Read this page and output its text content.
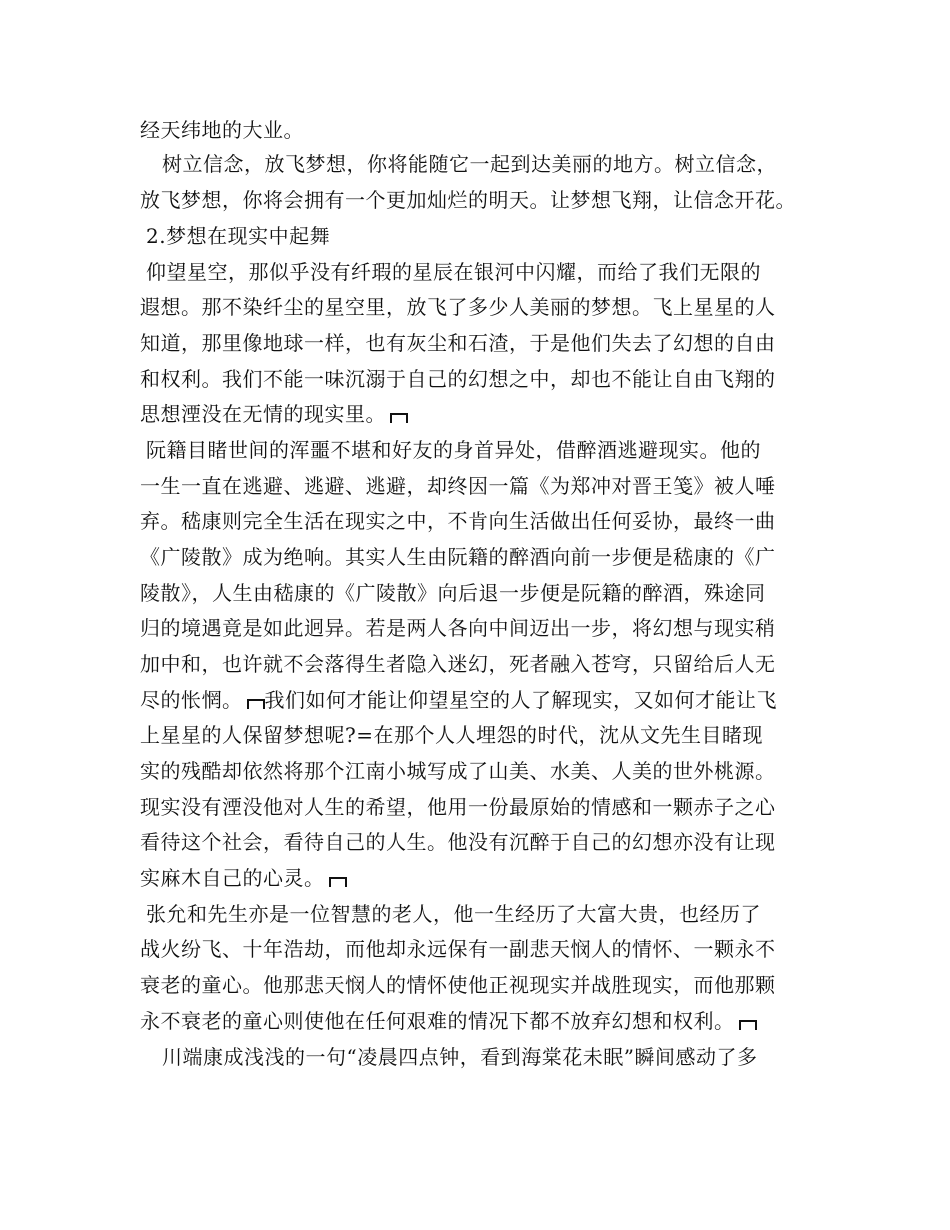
经天纬地的大业。
树立信念，放飞梦想，你将能随它一起到达美丽的地方。树立信念，
放飞梦想，你将会拥有一个更加灿烂的明天。让梦想飞翔，让信念开花。
2.梦想在现实中起舞
仰望星空，那似乎没有纤瑕的星辰在银河中闪耀，而给了我们无限的
遐想。那不染纤尘的星空里，放飞了多少人美丽的梦想。飞上星星的人
知道，那里像地球一样，也有灰尘和石渣，于是他们失去了幻想的自由
和权利。我们不能一味沉溺于自己的幻想之中，却也不能让自由飞翔的
思想湮没在无情的现实里。
阮籍目睹世间的浑噩不堪和好友的身首异处，借醉酒逃避现实。他的
一生一直在逃避、逃避、逃避，却终因一篇《为郑冲对晋王笺》被人唾
弃。嵇康则完全生活在现实之中，不肯向生活做出任何妥协，最终一曲
《广陵散》成为绝响。其实人生由阮籍的醉酒向前一步便是嵇康的《广
陵散》，人生由嵇康的《广陵散》向后退一步便是阮籍的醉酒，殊途同
归的境遇竟是如此迥异。若是两人各向中间迈出一步，将幻想与现实稍
加中和，也许就不会落得生者隐入迷幻，死者融入苍穹，只留给后人无
尽的怅惘。 我们如何才能让仰望星空的人了解现实，又如何才能让飞
上星星的人保留梦想呢?=在那个人人埋怨的时代，沈从文先生目睹现
实的残酷却依然将那个江南小城写成了山美、水美、人美的世外桃源。
现实没有湮没他对人生的希望，他用一份最原始的情感和一颗赤子之心
看待这个社会，看待自己的人生。他没有沉醉于自己的幻想亦没有让现
实麻木自己的心灵。
张允和先生亦是一位智慧的老人，他一生经历了大富大贵，也经历了
战火纷飞、十年浩劫，而他却永远保有一副悲天悯人的情怀、一颗永不
衰老的童心。他那悲天悯人的情怀使他正视现实并战胜现实，而他那颗
永不衰老的童心则使他在任何艰难的情况下都不放弃幻想和权利。
川端康成浅浅的一句“凌晨四点钟，看到海棠花未眠”瞬间感动了多
